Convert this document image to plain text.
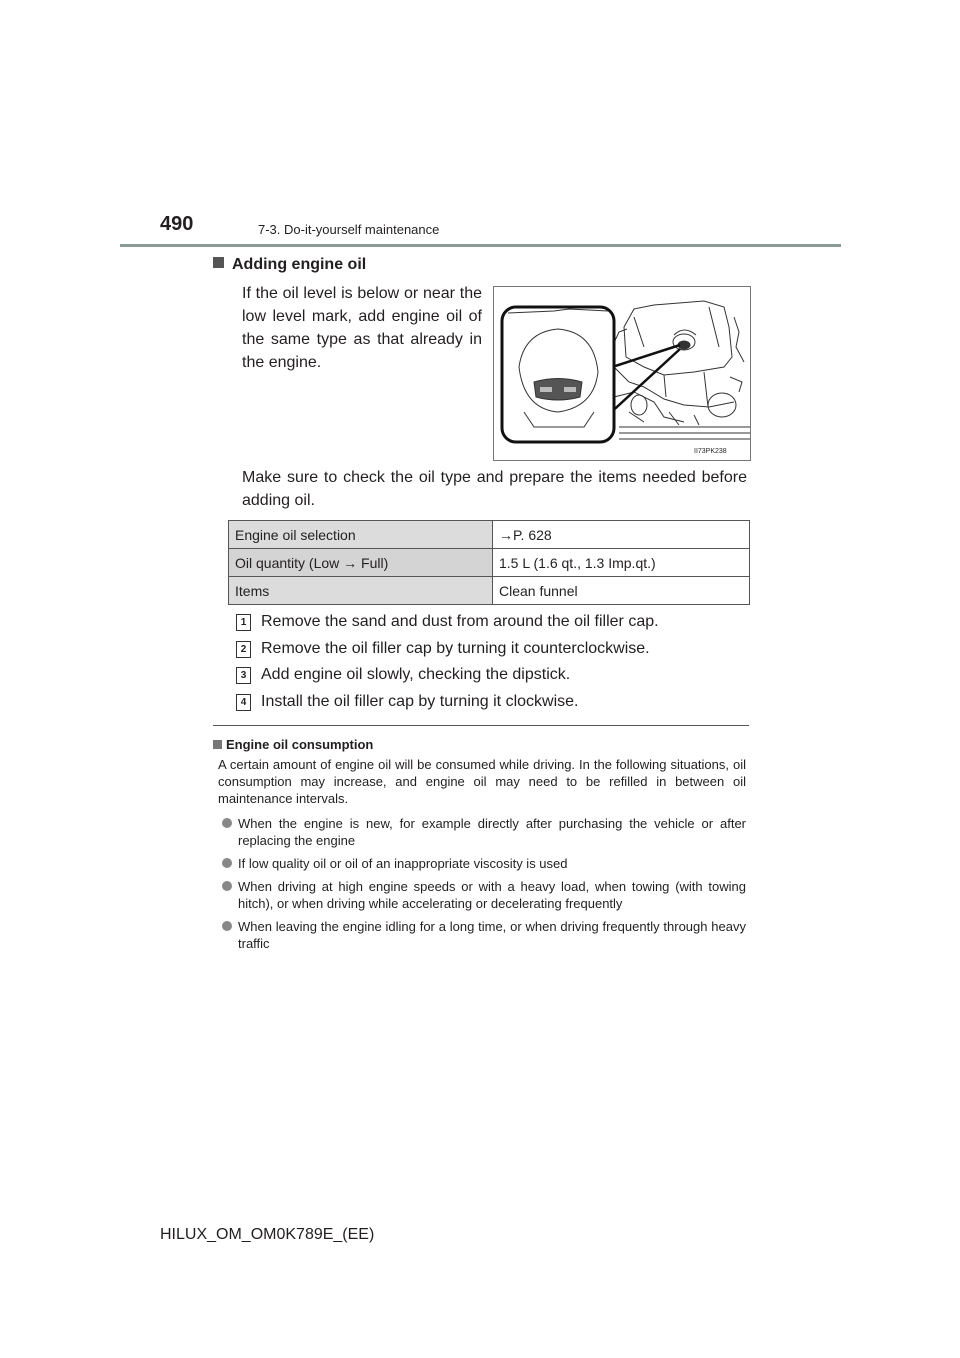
490	7-3. Do-it-yourself maintenance
Adding engine oil
If the oil level is below or near the low level mark, add engine oil of the same type as that already in the engine.
II73PK238
Make sure to check the oil type and prepare the items needed before adding oil.
Engine oil selection	→P. 628
Oil quantity (Low → Full)	1.5 L (1.6 qt., 1.3 Imp.qt.)
Items	Clean funnel
1 Remove the sand and dust from around the oil filler cap.
2 Remove the oil filler cap by turning it counterclockwise.
3 Add engine oil slowly, checking the dipstick.
4 Install the oil filler cap by turning it clockwise.
Engine oil consumption
A certain amount of engine oil will be consumed while driving. In the following situations, oil consumption may increase, and engine oil may need to be refilled in between oil maintenance intervals.
When the engine is new, for example directly after purchasing the vehicle or after replacing the engine
If low quality oil or oil of an inappropriate viscosity is used
When driving at high engine speeds or with a heavy load, when towing (with towing hitch), or when driving while accelerating or decelerating frequently
When leaving the engine idling for a long time, or when driving frequently through heavy traffic
HILUX_OM_OM0K789E_(EE)
